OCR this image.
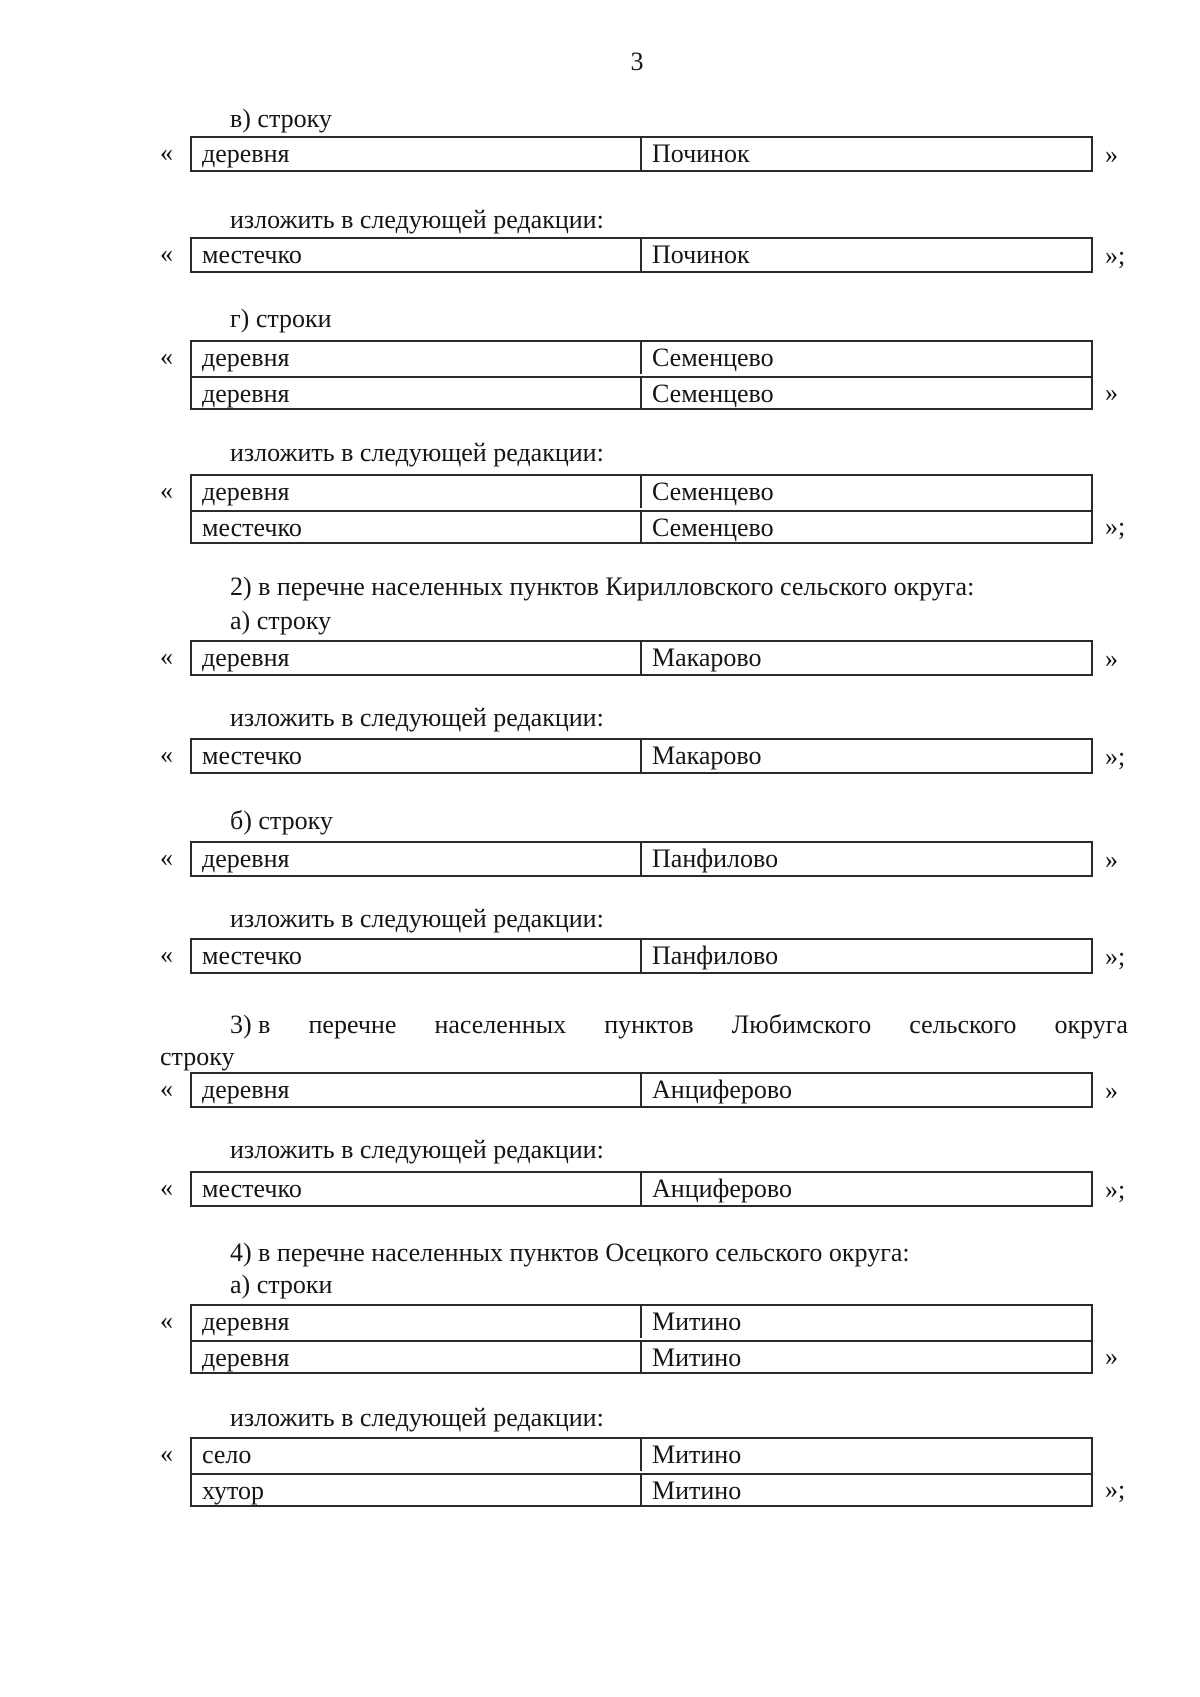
3
в) строку
«	деревня	Починок	»
изложить в следующей редакции:
«	местечко	Починок	»;
г) строки
«	деревня	Семенцево
деревня	Семенцево	»
изложить в следующей редакции:
«	деревня	Семенцево
местечко	Семенцево	»;
2) в перечне населенных пунктов Кирилловского сельского округа:
а) строку
«	деревня	Макарово	»
изложить в следующей редакции:
«	местечко	Макарово	»;
б) строку
«	деревня	Панфилово	»
изложить в следующей редакции:
«	местечко	Панфилово	»;
3) в перечне населенных пунктов Любимского сельского округа
строку
«	деревня	Анциферово	»
изложить в следующей редакции:
«	местечко	Анциферово	»;
4) в перечне населенных пунктов Осецкого сельского округа:
а) строки
«	деревня	Митино
деревня	Митино	»
изложить в следующей редакции:
«	село	Митино
хутор	Митино	»;
